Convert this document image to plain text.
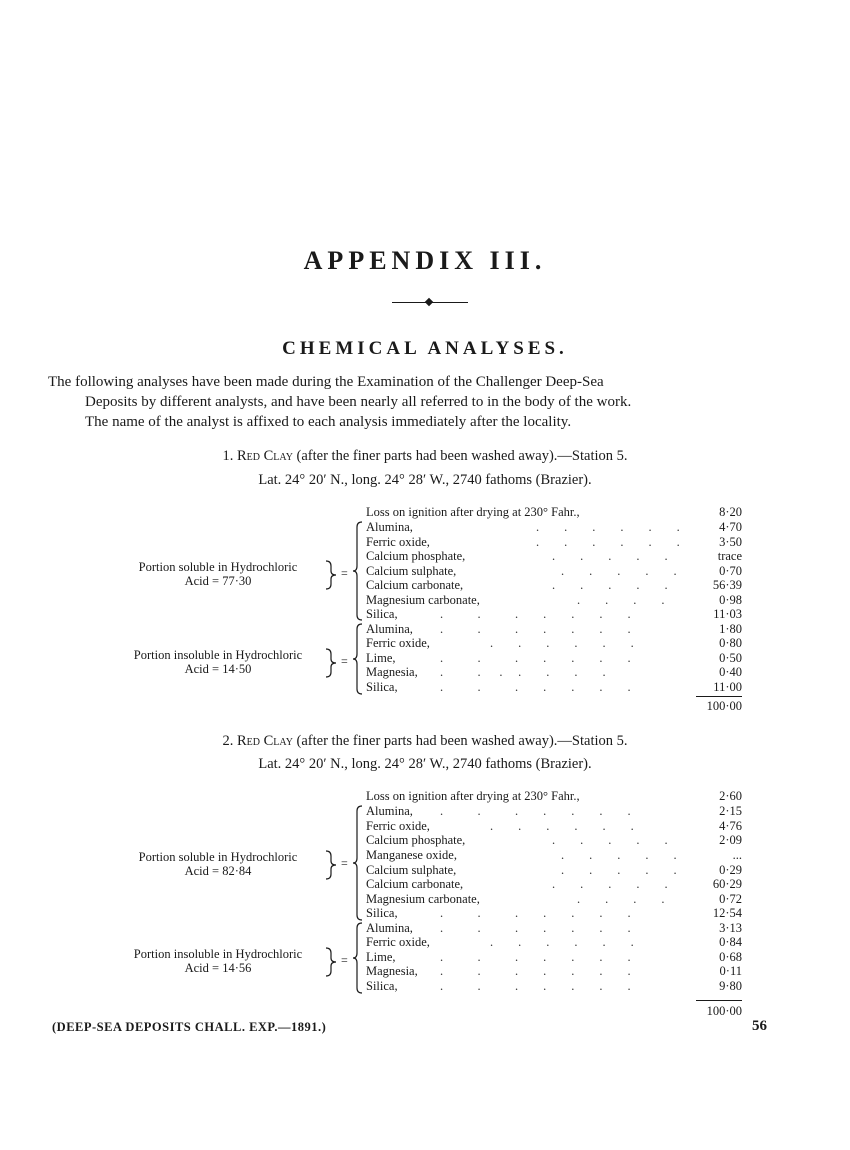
APPENDIX III.
CHEMICAL ANALYSES.
The following analyses have been made during the Examination of the Challenger Deep-Sea
Deposits by different analysts, and have been nearly all referred to in the body of the work.
The name of the analyst is affixed to each analysis immediately after the locality.
1. Red Clay (after the finer parts had been washed away).—Station 5.
Lat. 24° 20′ N., long. 24° 28′ W., 2740 fathoms (Brazier).
Loss on ignition after drying at 230° Fahr.,	8·20
Alumina,	.        .        .        .        .        .	4·70
Ferric oxide,	.        .        .        .        .        .	3·50
Calcium phosphate,	.        .        .        .        .	trace
Calcium sulphate,	.        .        .        .        .	0·70
Calcium carbonate,	.        .        .        .        .	56·39
Magnesium carbonate,	.        .        .        .	0·98
Silica,	.           .           .        .        .        .        .	11·03
Portion soluble in Hydrochloric
Acid = 77·30
=
Alumina, .           .           .        .        .        .        .	1·80
Ferric oxide,	.        .        .        .        .        .	0·80
Lime,	.           .           .        .        .        .        .	0·50
Magnesia, .           .      .     .        .        .        .	0·40
Silica,	.           .           .        .        .        .        .	11·00
Portion insoluble in Hydrochloric
Acid = 14·50
=
100·00
2. Red Clay (after the finer parts had been washed away).—Station 5.
Lat. 24° 20′ N., long. 24° 28′ W., 2740 fathoms (Brazier).
Loss on ignition after drying at 230° Fahr.,	2·60
Alumina, .           .           .        .        .        .        .	2·15
Ferric oxide,	.        .        .        .        .        .	4·76
Calcium phosphate,	.        .        .        .        .	2·09
Manganese oxide,	.        .        .        .        .	...
Calcium sulphate,	.        .        .        .        .	0·29
Calcium carbonate,	.        .        .        .        .	60·29
Magnesium carbonate,	.        .        .        .	0·72
Silica,	.           .           .        .        .        .        .	12·54
Portion soluble in Hydrochloric
Acid = 82·84
=
Alumina, .           .           .        .        .        .        .	3·13
Ferric oxide,	.        .        .        .        .        .	0·84
Lime,	.           .           .        .        .        .        .	0·68
Magnesia, .           .           .        .        .        .        .	0·11
Silica,	.           .           .        .        .        .        .	9·80
Portion insoluble in Hydrochloric
Acid = 14·56
=
100·00
(DEEP-SEA DEPOSITS CHALL. EXP.—1891.)	56
